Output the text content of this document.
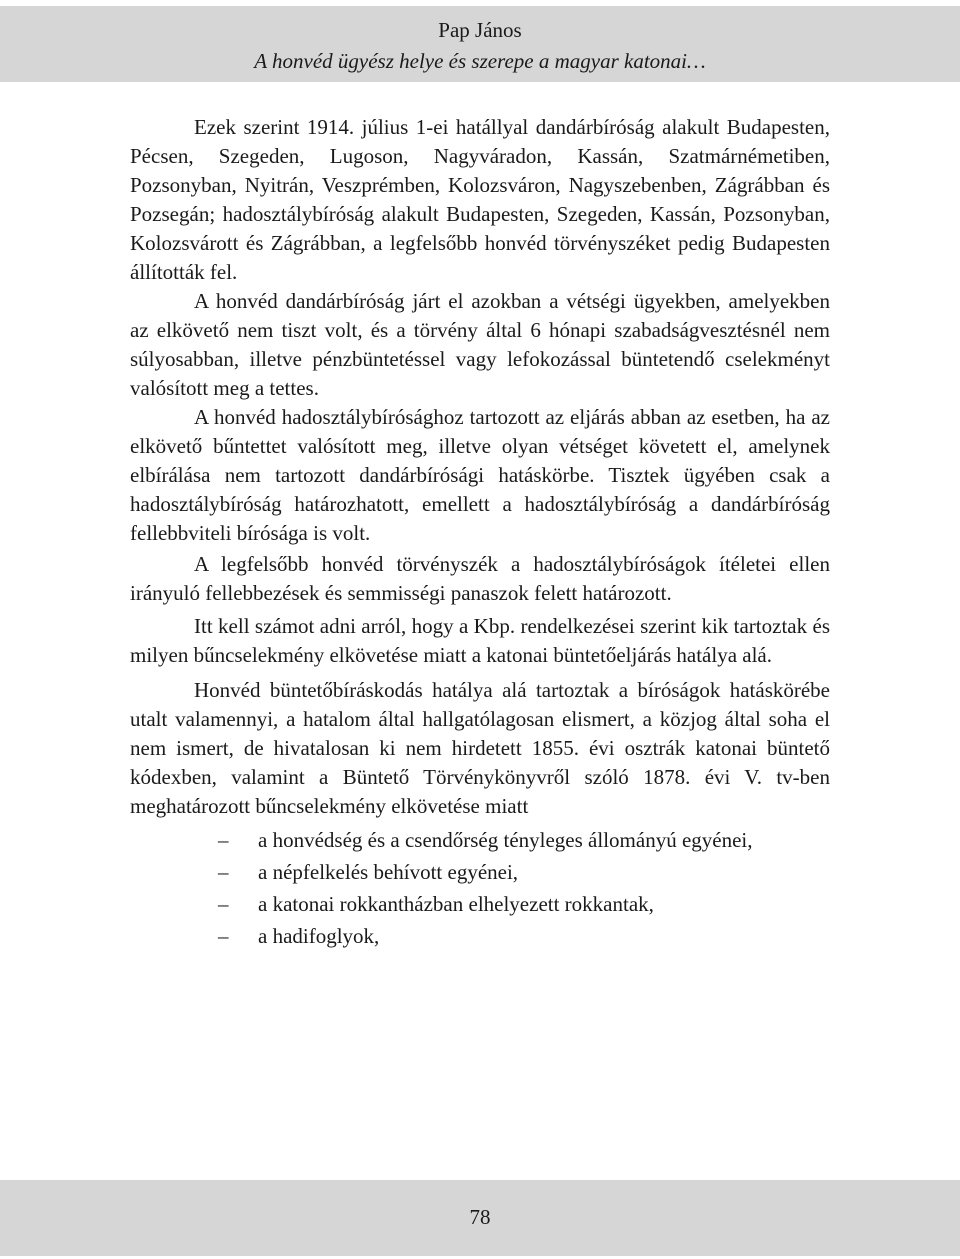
Pap János
A honvéd ügyész helye és szerepe a magyar katonai…

Ezek szerint 1914. július 1-ei hatállyal dandárbíróság alakult Budapesten, Pécsen, Szegeden, Lugoson, Nagyváradon, Kassán, Szatmárnémetiben, Pozsonyban, Nyitrán, Veszprémben, Kolozsváron, Nagyszebenben, Zágrábban és Pozsegán; hadosztálybíróság alakult Budapesten, Szegeden, Kassán, Pozsonyban, Kolozsvárott és Zágrábban, a legfelsőbb honvéd törvényszéket pedig Budapesten állították fel.

A honvéd dandárbíróság járt el azokban a vétségi ügyekben, amelyekben az elkövető nem tiszt volt, és a törvény által 6 hónapi szabadságvesztésnél nem súlyosabban, illetve pénzbüntetéssel vagy lefokozással büntetendő cselekményt valósított meg a tettes.

A honvéd hadosztálybírósághoz tartozott az eljárás abban az esetben, ha az elkövető bűntettet valósított meg, illetve olyan vétséget követett el, amelynek elbírálása nem tartozott dandárbírósági hatáskörbe. Tisztek ügyében csak a hadosztálybíróság határozhatott, emellett a hadosztálybíróság a dandárbíróság fellebbviteli bírósága is volt.

A legfelsőbb honvéd törvényszék a hadosztálybíróságok ítéletei ellen irányuló fellebbezések és semmisségi panaszok felett határozott.

Itt kell számot adni arról, hogy a Kbp. rendelkezései szerint kik tartoztak és milyen bűncselekmény elkövetése miatt a katonai büntetőeljárás hatálya alá.

Honvéd büntetőbíráskodás hatálya alá tartoztak a bíróságok hatáskörébe utalt valamennyi, a hatalom által hallgatólagosan elismert, a közjog által soha el nem ismert, de hivatalosan ki nem hirdetett 1855. évi osztrák katonai büntető kódexben, valamint a Büntető Törvénykönyvről szóló 1878. évi V. tv-ben meghatározott bűncselekmény elkövetése miatt

– a honvédség és a csendőrség tényleges állományú egyénei,
– a népfelkelés behívott egyénei,
– a katonai rokkantházban elhelyezett rokkantak,
– a hadifoglyok,
78
